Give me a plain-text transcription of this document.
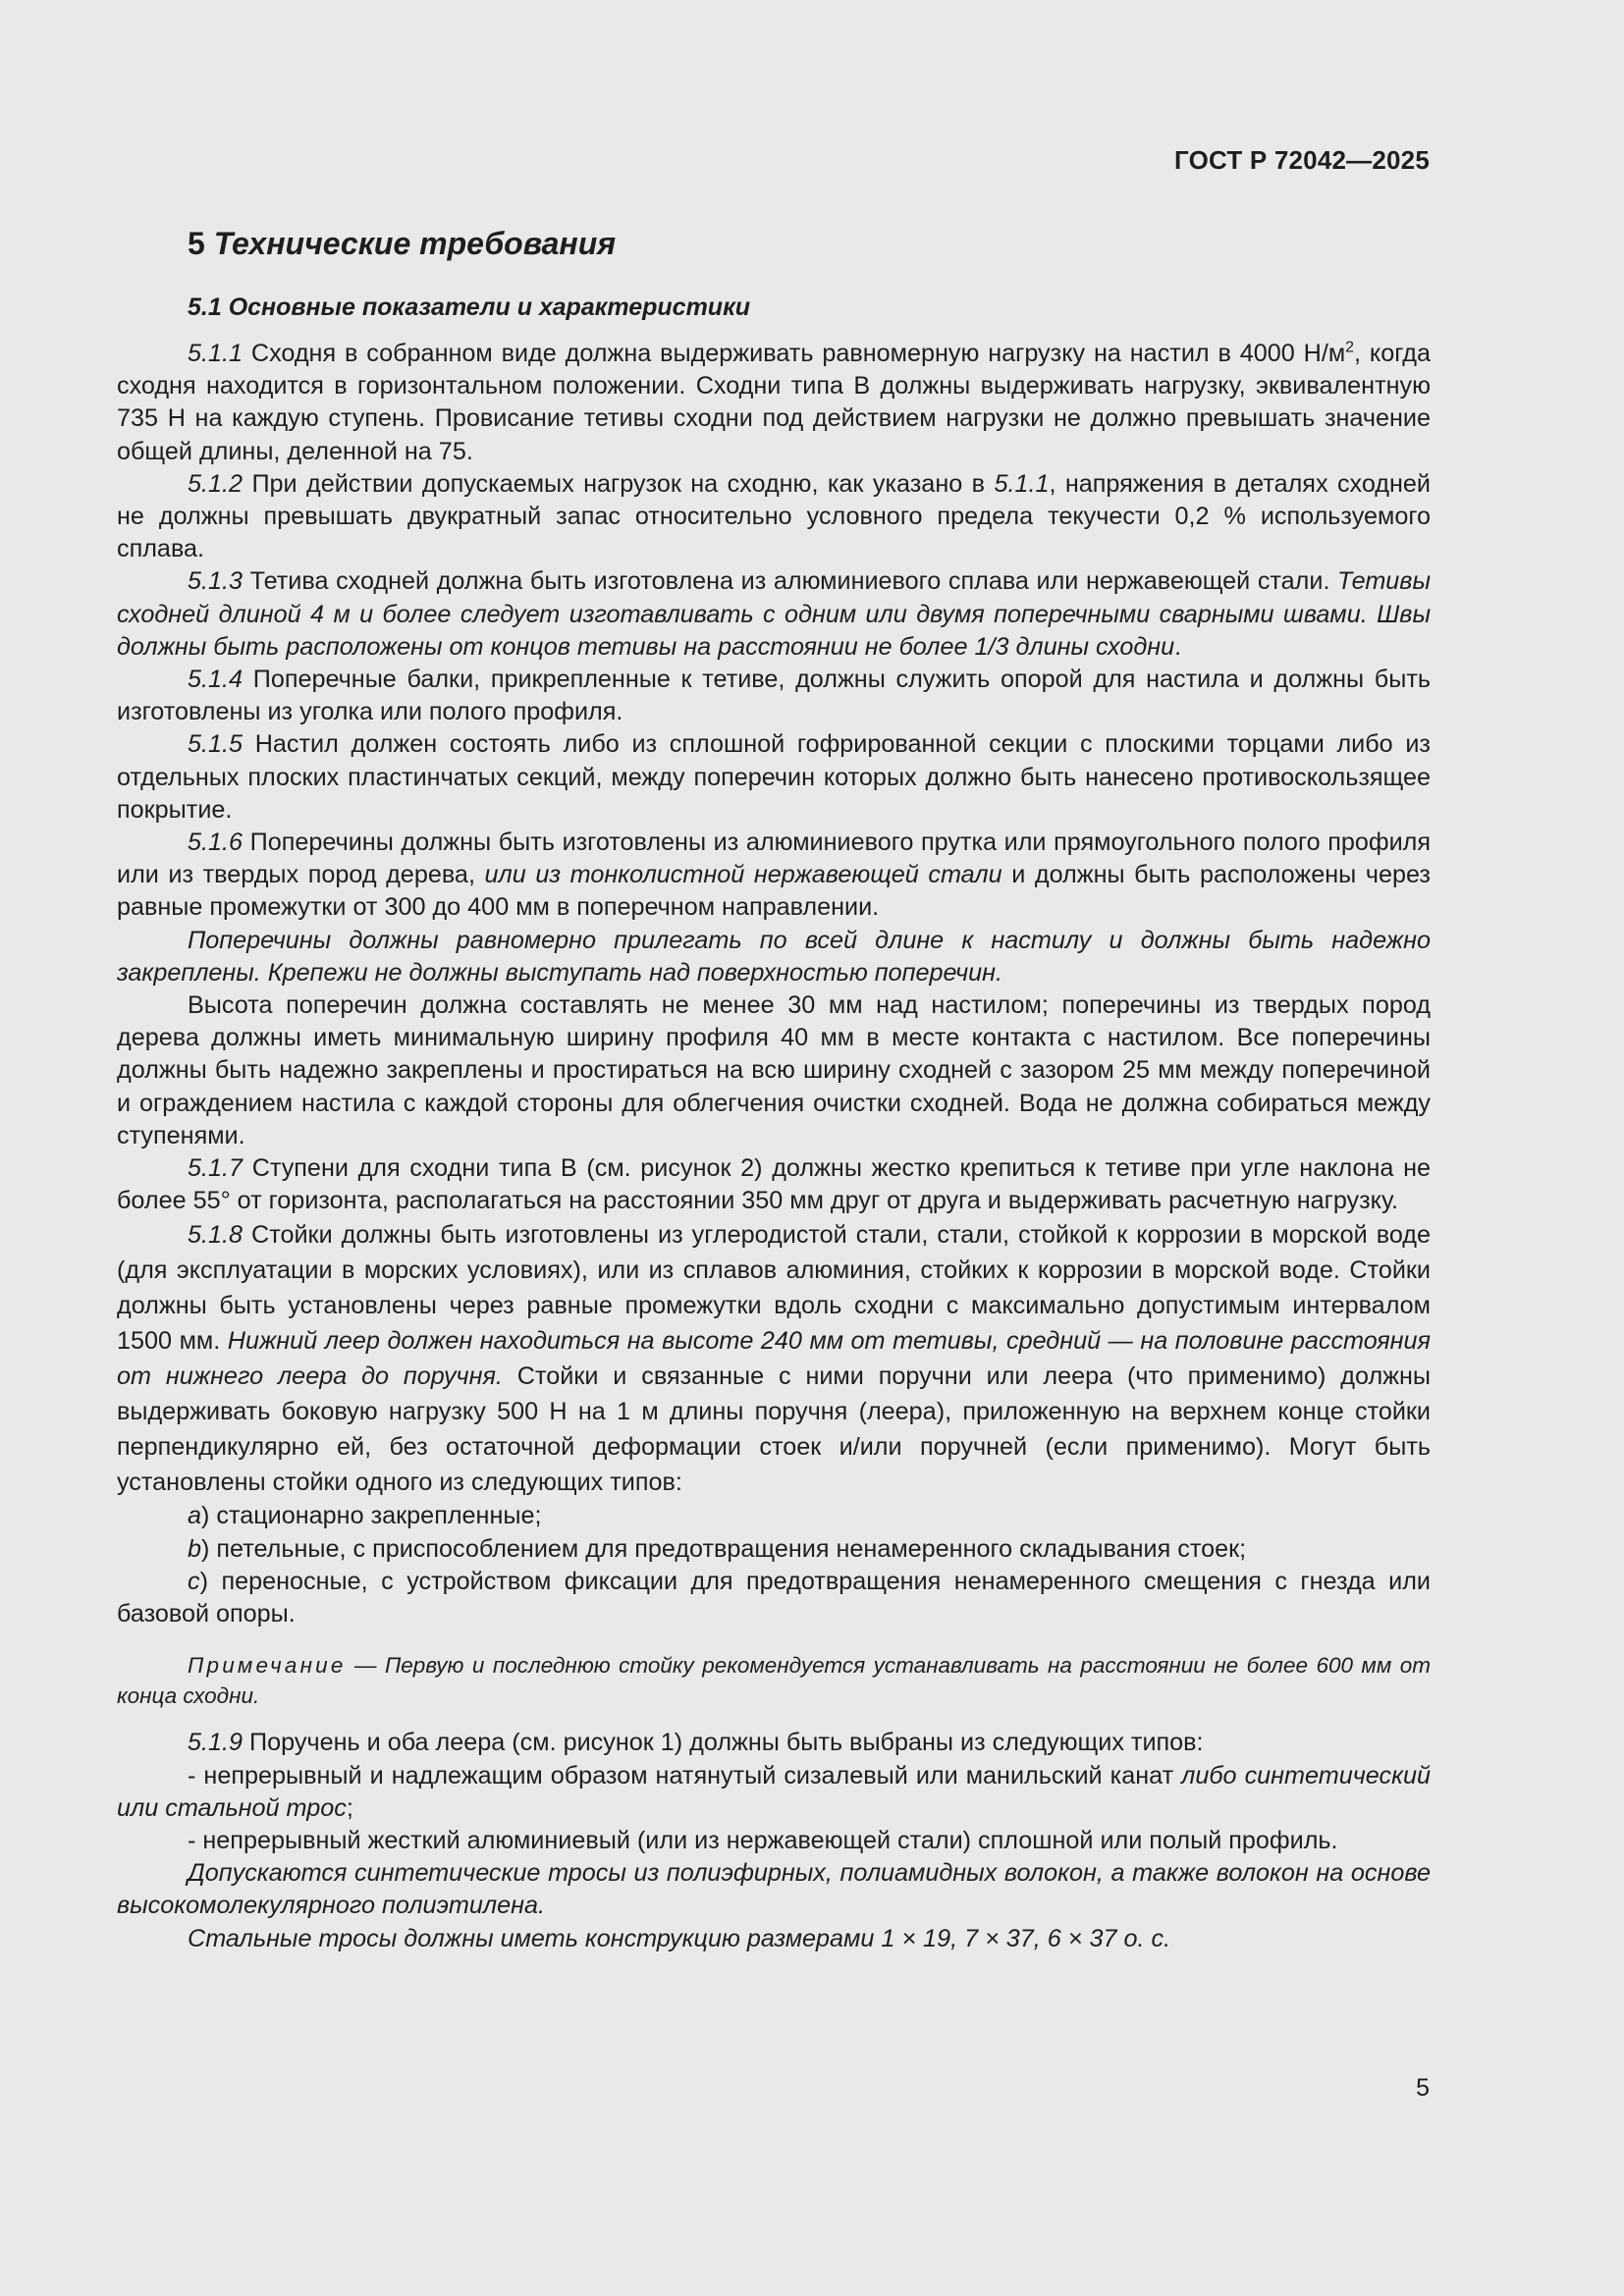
ГОСТ Р 72042—2025
5 Технические требования
5.1 Основные показатели и характеристики

5.1.1 Сходня в собранном виде должна выдерживать равномерную нагрузку на настил в 4000 $Н/м^2$, когда сходня находится в горизонтальном положении. Сходни типа В должны выдерживать нагрузку, эквивалентную 735 Н на каждую ступень. Провисание тетивы сходни под действием нагрузки не должно превышать значение общей длины, деленной на 75.

5.1.2 При действии допускаемых нагрузок на сходню, как указано в 5.1.1, напряжения в деталях сходней не должны превышать двукратный запас относительно условного предела текучести 0,2 % используемого сплава.

5.1.3 Тетива сходней должна быть изготовлена из алюминиевого сплава или нержавеющей стали. Тетивы сходней длиной 4 м и более следует изготавливать с одним или двумя поперечными сварными швами. Швы должны быть расположены от концов тетивы на расстоянии не более 1/3 длины сходни.

5.1.4 Поперечные балки, прикрепленные к тетиве, должны служить опорой для настила и должны быть изготовлены из уголка или полого профиля.

5.1.5 Настил должен состоять либо из сплошной гофрированной секции с плоскими торцами либо из отдельных плоских пластинчатых секций, между поперечин которых должно быть нанесено противоскользящее покрытие.

5.1.6 Поперечины должны быть изготовлены из алюминиевого прутка или прямоугольного полого профиля или из твердых пород дерева, или из тонколистной нержавеющей стали и должны быть расположены через равные промежутки от 300 до 400 мм в поперечном направлении.

Поперечины должны равномерно прилегать по всей длине к настилу и должны быть надежно закреплены. Крепежи не должны выступать над поверхностью поперечин.

Высота поперечин должна составлять не менее 30 мм над настилом; поперечины из твердых пород дерева должны иметь минимальную ширину профиля 40 мм в месте контакта с настилом. Все поперечины должны быть надежно закреплены и простираться на всю ширину сходней с зазором 25 мм между поперечиной и ограждением настила с каждой стороны для облегчения очистки сходней. Вода не должна собираться между ступенями.

5.1.7 Ступени для сходни типа В (см. рисунок 2) должны жестко крепиться к тетиве при угле наклона не более 55° от горизонта, располагаться на расстоянии 350 мм друг от друга и выдерживать расчетную нагрузку.

5.1.8 Стойки должны быть изготовлены из углеродистой стали, стали, стойкой к коррозии в морской воде (для эксплуатации в морских условиях), или из сплавов алюминия, стойких к коррозии в морской воде. Стойки должны быть установлены через равные промежутки вдоль сходни с максимально допустимым интервалом 1500 мм. Нижний леер должен находиться на высоте 240 мм от тетивы, средний — на половине расстояния от нижнего леера до поручня. Стойки и связанные с ними поручни или леера (что применимо) должны выдерживать боковую нагрузку 500 Н на 1 м длины поручня (леера), приложенную на верхнем конце стойки перпендикулярно ей, без остаточной деформации стоек и/или поручней (если применимо). Могут быть установлены стойки одного из следующих типов:

a) стационарно закрепленные;

b) петельные, с приспособлением для предотвращения ненамеренного складывания стоек;

c) переносные, с устройством фиксации для предотвращения ненамеренного смещения с гнезда или базовой опоры.

Примечание — Первую и последнюю стойку рекомендуется устанавливать на расстоянии не более 600 мм от конца сходни.

5.1.9 Поручень и оба леера (см. рисунок 1) должны быть выбраны из следующих типов:

- непрерывный и надлежащим образом натянутый сизалевый или манильский канат либо синтетический или стальной трос;

- непрерывный жесткий алюминиевый (или из нержавеющей стали) сплошной или полый профиль.

Допускаются синтетические тросы из полиэфирных, полиамидных волокон, а также волокон на основе высокомолекулярного полиэтилена.

Стальные тросы должны иметь конструкцию размерами 1 × 19, 7 × 37, 6 × 37 о. с.

5
